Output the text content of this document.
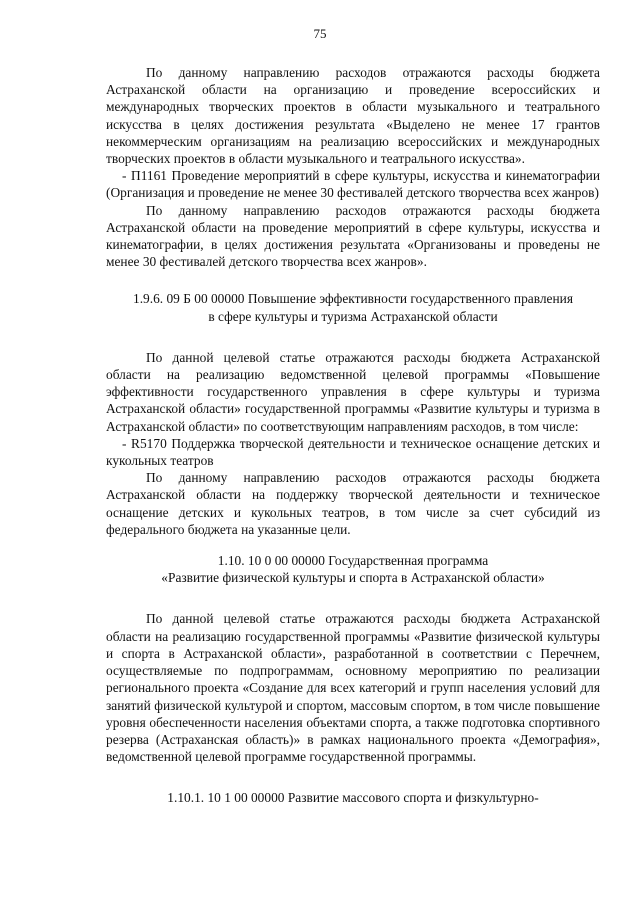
75

По данному направлению расходов отражаются расходы бюджета Астраханской области на организацию и проведение всероссийских и международных творческих проектов в области музыкального и театрального искусства в целях достижения результата «Выделено не менее 17 грантов некоммерческим организациям на реализацию всероссийских и международных творческих проектов в области музыкального и театрального искусства».

- П1161 Проведение мероприятий в сфере культуры, искусства и кинематографии (Организация и проведение не менее 30 фестивалей детского творчества всех жанров)

По данному направлению расходов отражаются расходы бюджета Астраханской области на проведение мероприятий в сфере культуры, искусства и кинематографии, в целях достижения результата «Организованы и проведены не менее 30 фестивалей детского творчества всех жанров».

1.9.6. 09 Б 00 00000 Повышение эффективности государственного правления

в сфере культуры и туризма Астраханской области

По данной целевой статье отражаются расходы бюджета Астраханской области на реализацию ведомственной целевой программы «Повышение эффективности государственного управления в сфере культуры и туризма Астраханской области» государственной программы «Развитие культуры и туризма в Астраханской области» по соответствующим направлениям расходов, в том числе:

- R5170 Поддержка творческой деятельности и техническое оснащение детских и кукольных театров

По данному направлению расходов отражаются расходы бюджета Астраханской области на поддержку творческой деятельности и техническое оснащение детских и кукольных театров, в том числе за счет субсидий из федерального бюджета на указанные цели.

1.10. 10 0 00 00000 Государственная программа

«Развитие физической культуры и спорта в Астраханской области»

По данной целевой статье отражаются расходы бюджета Астраханской области на реализацию государственной программы «Развитие физической культуры и спорта в Астраханской области», разработанной в соответствии с Перечнем, осуществляемые по подпрограммам, основному мероприятию по реализации регионального проекта «Создание для всех категорий и групп населения условий для занятий физической культурой и спортом, массовым спортом, в том числе повышение уровня обеспеченности населения объектами спорта, а также подготовка спортивного резерва (Астраханская область)» в рамках национального проекта «Демография», ведомственной целевой программе государственной программы.

1.10.1. 10 1 00 00000 Развитие массового спорта и физкультурно-
